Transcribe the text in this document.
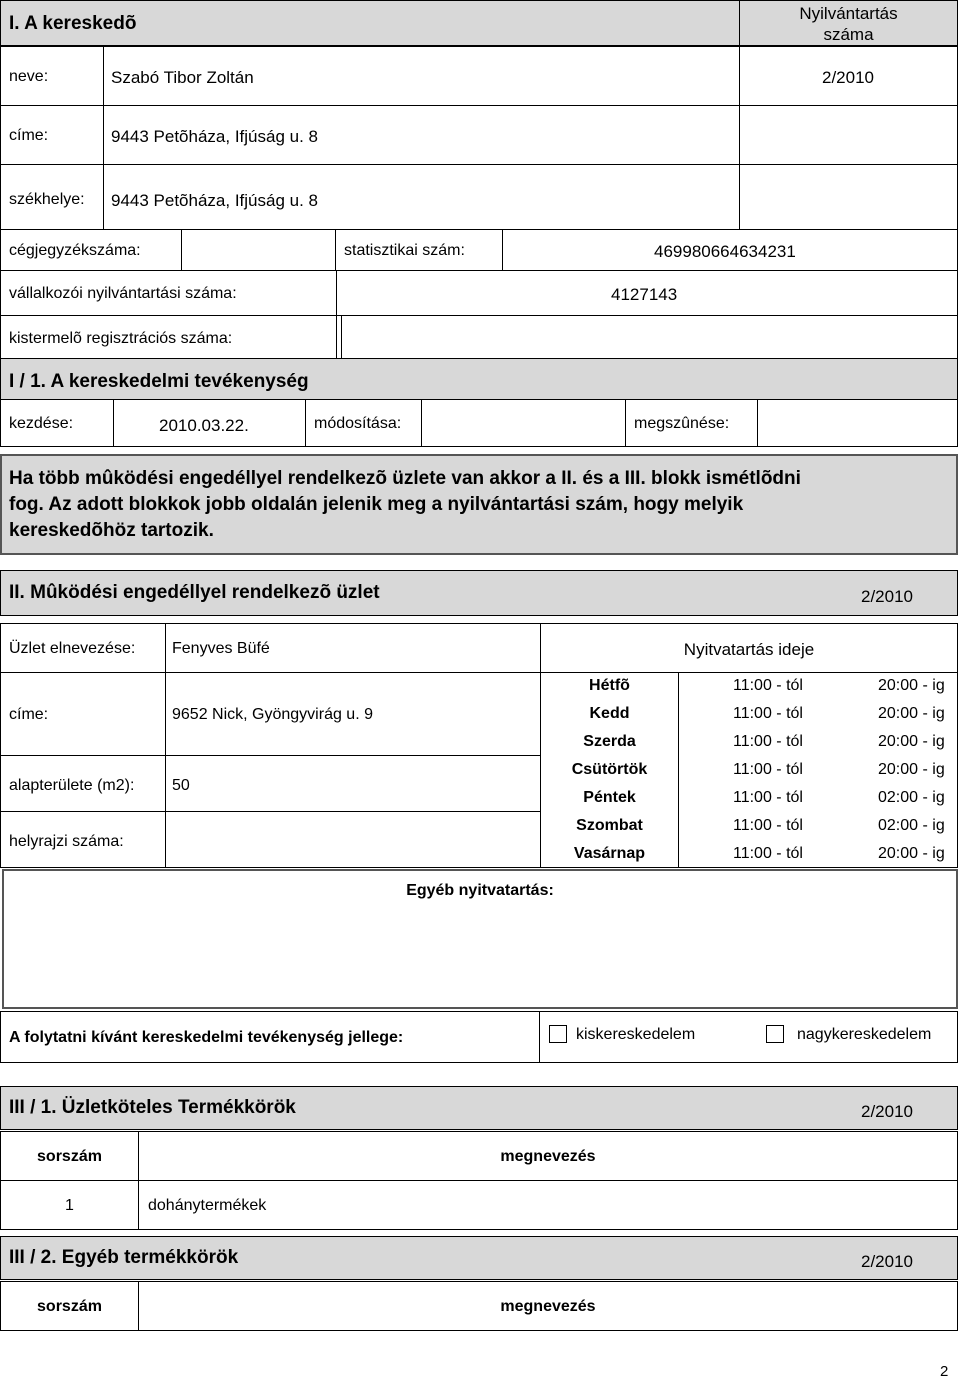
I. A kereskedõ	Nyilvántartás
száma
neve:	Szabó Tibor Zoltán	2/2010
címe:	9443 Petõháza, Ifjúság u. 8
székhelye: 9443 Petõháza, Ifjúság u. 8
cégjegyzékszáma:	statisztikai szám:	469980664634231
vállalkozói nyilvántartási száma:	4127143
kistermelõ regisztrációs száma:
I / 1. A kereskedelmi tevékenység
kezdése:	2010.03.22.	módosítása:	megszûnése:
Ha több mûködési engedéllyel rendelkezõ üzlete van akkor a II. és a III. blokk ismétlõdni
fog. Az adott blokkok jobb oldalán jelenik meg a nyilvántartási szám, hogy melyik
kereskedõhöz tartozik.
II. Mûködési engedéllyel rendelkezõ üzlet	2/2010
Üzlet elnevezése: Fenyves Büfé	Nyitvatartás ideje
címe:	9652 Nick, Gyöngyvirág u. 9
alapterülete (m2): 50
helyrajzi száma:
Hétfõ	11:00 - tól	20:00 - ig
Kedd	11:00 - tól	20:00 - ig
Szerda	11:00 - tól	20:00 - ig
Csütörtök	11:00 - tól	20:00 - ig
Péntek	11:00 - tól	02:00 - ig
Szombat	11:00 - tól	02:00 - ig
Vasárnap	11:00 - tól	20:00 - ig
Egyéb nyitvatartás:
A folytatni kívánt kereskedelmi tevékenység jellege:	kiskereskedelem	nagykereskedelem
III / 1. Üzletköteles Termékkörök	2/2010
sorszám	megnevezés
1	dohánytermékek
III / 2. Egyéb termékkörök	2/2010
sorszám	megnevezés
2
